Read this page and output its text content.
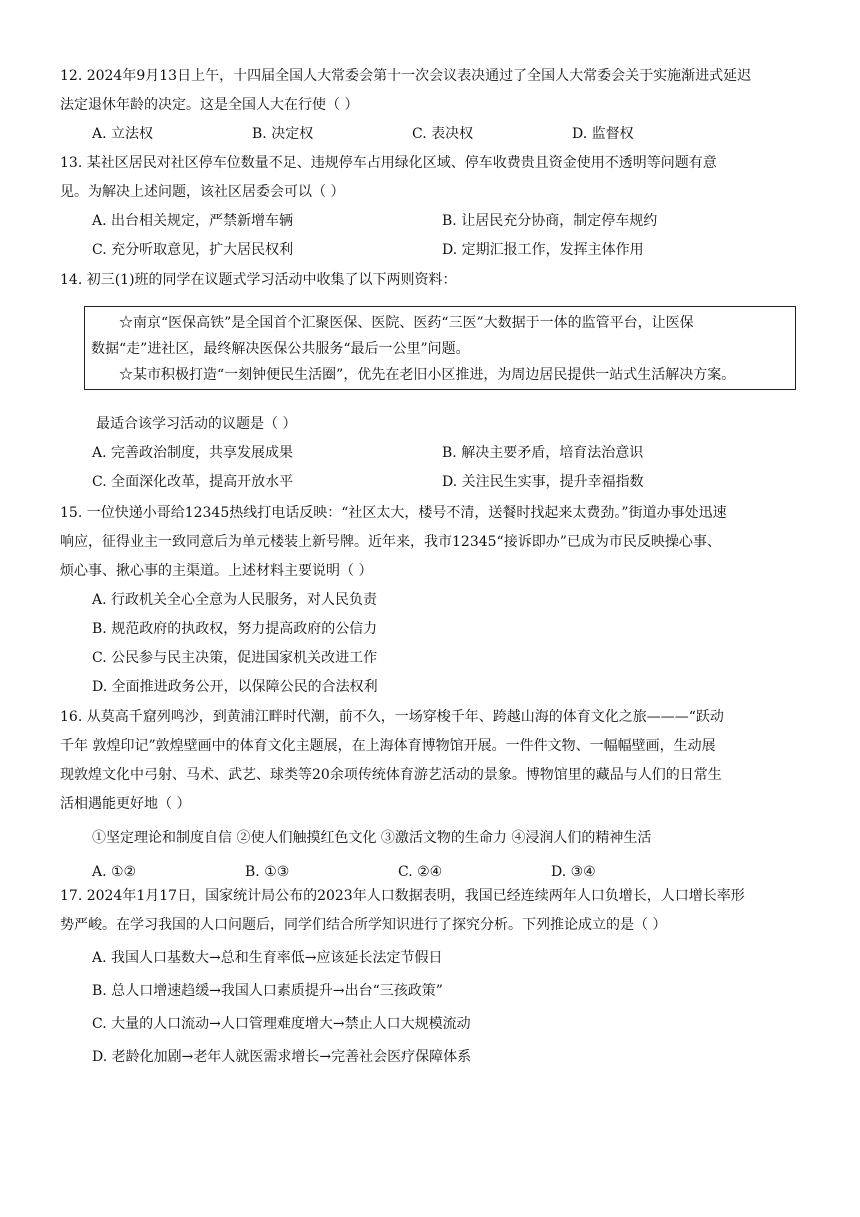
12. 2024年9月13日上午，十四届全国人大常委会第十一次会议表决通过了全国人大常委会关于实施渐进式延迟

法定退休年龄的决定。这是全国人大在行使（ ）

A. 立法权	B. 决定权	C. 表决权	D. 监督权

13. 某社区居民对社区停车位数量不足、违规停车占用绿化区域、停车收费贵且资金使用不透明等问题有意

见。为解决上述问题，该社区居委会可以（ ）

A. 出台相关规定，严禁新增车辆	B. 让居民充分协商，制定停车规约
C. 充分听取意见，扩大居民权利	D. 定期汇报工作，发挥主体作用

14. 初三(1)班的同学在议题式学习活动中收集了以下两则资料：

☆南京“医保高铁”是全国首个汇聚医保、医院、医药“三医”大数据于一体的监管平台，让医保

数据“走”进社区，最终解决医保公共服务“最后一公里”问题。

☆某市积极打造“一刻钟便民生活圈”，优先在老旧小区推进，为周边居民提供一站式生活解决方案。

最适合该学习活动的议题是（ ）

A. 完善政治制度，共享发展成果	B. 解决主要矛盾，培育法治意识
C. 全面深化改革，提高开放水平	D. 关注民生实事，提升幸福指数

15. 一位快递小哥给12345热线打电话反映：“社区太大，楼号不清，送餐时找起来太费劲。”街道办事处迅速

响应，征得业主一致同意后为单元楼装上新号牌。近年来，我市12345“接诉即办”已成为市民反映操心事、

烦心事、揪心事的主渠道。上述材料主要说明（ ）

A. 行政机关全心全意为人民服务，对人民负责
B. 规范政府的执政权，努力提高政府的公信力
C. 公民参与民主决策，促进国家机关改进工作
D. 全面推进政务公开，以保障公民的合法权利

16. 从莫高千窟列鸣沙，到黄浦江畔时代潮，前不久，一场穿梭千年、跨越山海的体育文化之旅———“跃动

千年 敦煌印记”敦煌壁画中的体育文化主题展，在上海体育博物馆开展。一件件文物、一幅幅壁画，生动展

现敦煌文化中弓射、马术、武艺、球类等20余项传统体育游艺活动的景象。博物馆里的藏品与人们的日常生

活相遇能更好地（ ）

①坚定理论和制度自信 ②使人们触摸红色文化 ③激活文物的生命力 ④浸润人们的精神生活

A. ①②	B. ①③	C. ②④	D. ③④

17. 2024年1月17日，国家统计局公布的2023年人口数据表明，我国已经连续两年人口负增长，人口增长率形

势严峻。在学习我国的人口问题后，同学们结合所学知识进行了探究分析。下列推论成立的是（ ）

A. 我国人口基数大→总和生育率低→应该延长法定节假日
B. 总人口增速趋缓→我国人口素质提升→出台“三孩政策”
C. 大量的人口流动→人口管理难度增大→禁止人口大规模流动
D. 老龄化加剧→老年人就医需求增长→完善社会医疗保障体系
